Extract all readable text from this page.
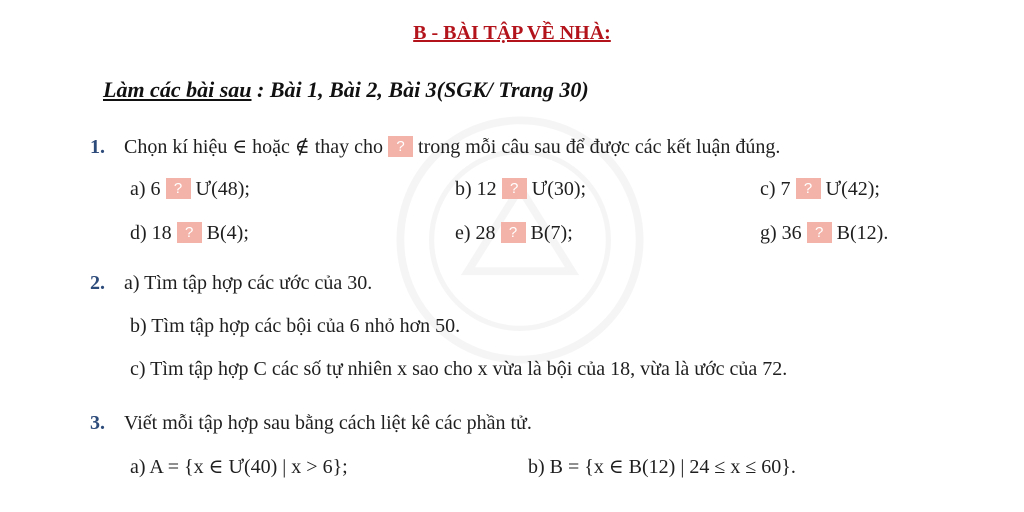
B - BÀI TẬP VỀ NHÀ:
Làm các bài sau : Bài 1, Bài 2, Bài 3(SGK/ Trang 30)
1. Chọn kí hiệu ∈ hoặc ∉ thay cho ? trong mỗi câu sau để được các kết luận đúng.
a) 6 ? Ư(48);	b) 12 ? Ư(30);	c) 7 ? Ư(42);
d) 18 ? B(4);	e) 28 ? B(7);	g) 36 ? B(12).
2. a) Tìm tập hợp các ước của 30.
b) Tìm tập hợp các bội của 6 nhỏ hơn 50.
c) Tìm tập hợp C các số tự nhiên x sao cho x vừa là bội của 18, vừa là ước của 72.
3. Viết mỗi tập hợp sau bằng cách liệt kê các phần tử.
a) A = {x ∈ Ư(40) | x > 6};	b) B = {x ∈ B(12) | 24 ≤ x ≤ 60}.
